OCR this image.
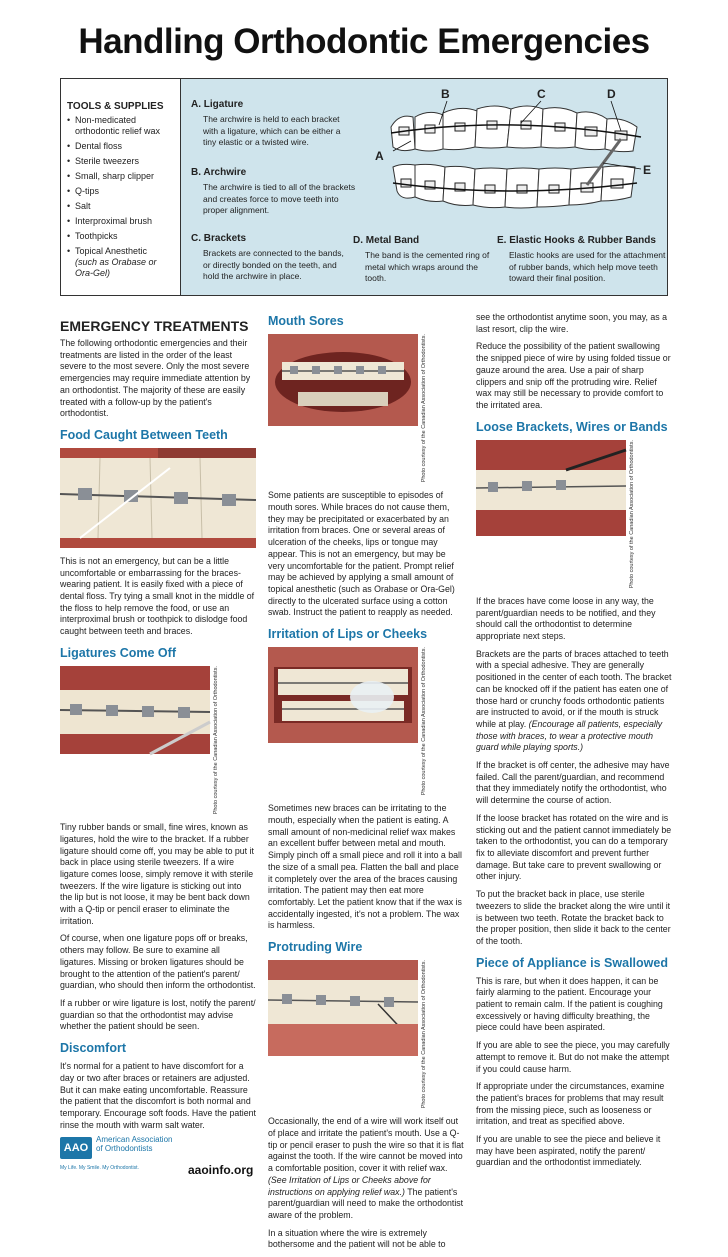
Handling Orthodontic Emergencies
TOOLS & SUPPLIES
• Non-medicated orthodontic relief wax
• Dental floss
• Sterile tweezers
• Small, sharp clipper
• Q-tips
• Salt
• Interproximal brush
• Toothpicks
• Topical Anesthetic
(such as Orabase or Ora-Gel)
A. Ligature

The archwire is held to each bracket with a ligature, which can be either a tiny elastic or a twisted wire.

B. Archwire

The archwire is tied to all of the brackets and creates force to move teeth into proper alignment.

C. Brackets

Brackets are connected to the bands, or directly bonded on the teeth, and hold the archwire in place.

D. Metal Band

The band is the cemented ring of metal which wraps around the tooth.

E. Elastic Hooks & Rubber Bands

Elastic hooks are used for the attachment of rubber bands, which help move teeth toward their final position.

A
B	C	D
E
EMERGENCY TREATMENTS

The following orthodontic emergencies and their treatments are listed in the order of the least severe to the most severe. Only the most severe emergencies may require immediate attention by an orthodontist. The majority of these are easily treated with a follow-up by the patient's orthodontist.

Food Caught Between Teeth

This is not an emergency, but can be a little uncomfortable or embarrassing for the braces-wearing patient. It is easily fixed with a piece of dental floss. Try tying a small knot in the middle of the floss to help remove the food, or use an interproximal brush or toothpick to dislodge food caught between teeth and braces.

Ligatures Come Off
Photo courtesy of the Canadian Association of Orthodontists.

Tiny rubber bands or small, fine wires, known as ligatures, hold the wire to the bracket. If a rubber ligature should come off, you may be able to put it back in place using sterile tweezers. If a wire ligature comes loose, simply remove it with sterile tweezers. If the wire ligature is sticking out into the lip but is not loose, it may be bent back down with a Q-tip or pencil eraser to eliminate the irritation.

Of course, when one ligature pops off or breaks, others may follow. Be sure to examine all ligatures. Missing or broken ligatures should be brought to the attention of the patient's parent/ guardian, who should then inform the orthodontist.

If a rubber or wire ligature is lost, notify the parent/ guardian so that the orthodontist may advise whether the patient should be seen.

Discomfort

It's normal for a patient to have discomfort for a day or two after braces or retainers are adjusted. But it can make eating uncomfortable. Reassure the patient that the discomfort is both normal and temporary. Encourage soft foods. Have the patient rinse the mouth with warm salt water.

Mouth Sores
Photo courtesy of the Canadian Association of Orthodontists.

Some patients are susceptible to episodes of mouth sores. While braces do not cause them, they may be precipitated or exacerbated by an irritation from braces. One or several areas of ulceration of the cheeks, lips or tongue may appear. This is not an emergency, but may be very uncomfortable for the patient. Prompt relief may be achieved by applying a small amount of topical anesthetic (such as Orabase or Ora-Gel) directly to the ulcerated surface using a cotton swab. Instruct the patient to reapply as needed.

Irritation of Lips or Cheeks
Photo courtesy of the Canadian Association of Orthodontists.

Sometimes new braces can be irritating to the mouth, especially when the patient is eating. A small amount of non-medicinal relief wax makes an excellent buffer between metal and mouth. Simply pinch off a small piece and roll it into a ball the size of a small pea. Flatten the ball and place it completely over the area of the braces causing irritation. The patient may then eat more comfortably. Let the patient know that if the wax is accidentally ingested, it's not a problem. The wax is harmless.

Protruding Wire
Photo courtesy of the Canadian Association of Orthodontists.

Occasionally, the end of a wire will work itself out of place and irritate the patient's mouth. Use a Q-tip or pencil eraser to push the wire so that it is flat against the tooth. If the wire cannot be moved into a comfortable position, cover it with relief wax. (See Irritation of Lips or Cheeks above for instructions on applying relief wax.) The patient's parent/guardian will need to make the orthodontist aware of the problem.

In a situation where the wire is extremely bothersome and the patient will not be able to

see the orthodontist anytime soon, you may, as a last resort, clip the wire.

Reduce the possibility of the patient swallowing the snipped piece of wire by using folded tissue or gauze around the area. Use a pair of sharp clippers and snip off the protruding wire. Relief wax may still be necessary to provide comfort to the irritated area.

Loose Brackets, Wires or Bands
Photo courtesy of the Canadian Association of Orthodontists.

If the braces have come loose in any way, the parent/guardian needs to be notified, and they should call the orthodontist to determine appropriate next steps.

Brackets are the parts of braces attached to teeth with a special adhesive. They are generally positioned in the center of each tooth. The bracket can be knocked off if the patient has eaten one of those hard or crunchy foods orthodontic patients are instructed to avoid, or if the mouth is struck while at play. (Encourage all patients, especially those with braces, to wear a protective mouth guard while playing sports.)

If the bracket is off center, the adhesive may have failed. Call the parent/guardian, and recommend that they immediately notify the orthodontist, who will determine the course of action.

If the loose bracket has rotated on the wire and is sticking out and the patient cannot immediately be taken to the orthodontist, you can do a temporary fix to alleviate discomfort and prevent further damage. But take care to prevent swallowing or other injury.

To put the bracket back in place, use sterile tweezers to slide the bracket along the wire until it is between two teeth. Rotate the bracket back to the proper position, then slide it back to the center of the tooth.

Piece of Appliance is Swallowed

This is rare, but when it does happen, it can be fairly alarming to the patient. Encourage your patient to remain calm. If the patient is coughing excessively or having difficulty breathing, the piece could have been aspirated.

If you are able to see the piece, you may carefully attempt to remove it. But do not make the attempt if you could cause harm.

If appropriate under the circumstances, examine the patient's braces for problems that may result from the missing piece, such as looseness or irritation, and treat as specified above.

If you are unable to see the piece and believe it may have been aspirated, notify the parent/ guardian and the orthodontist immediately.

AAO
American Association of Orthodontists
My Life. My Smile. My Orthodontist.	aaoinfo.org
